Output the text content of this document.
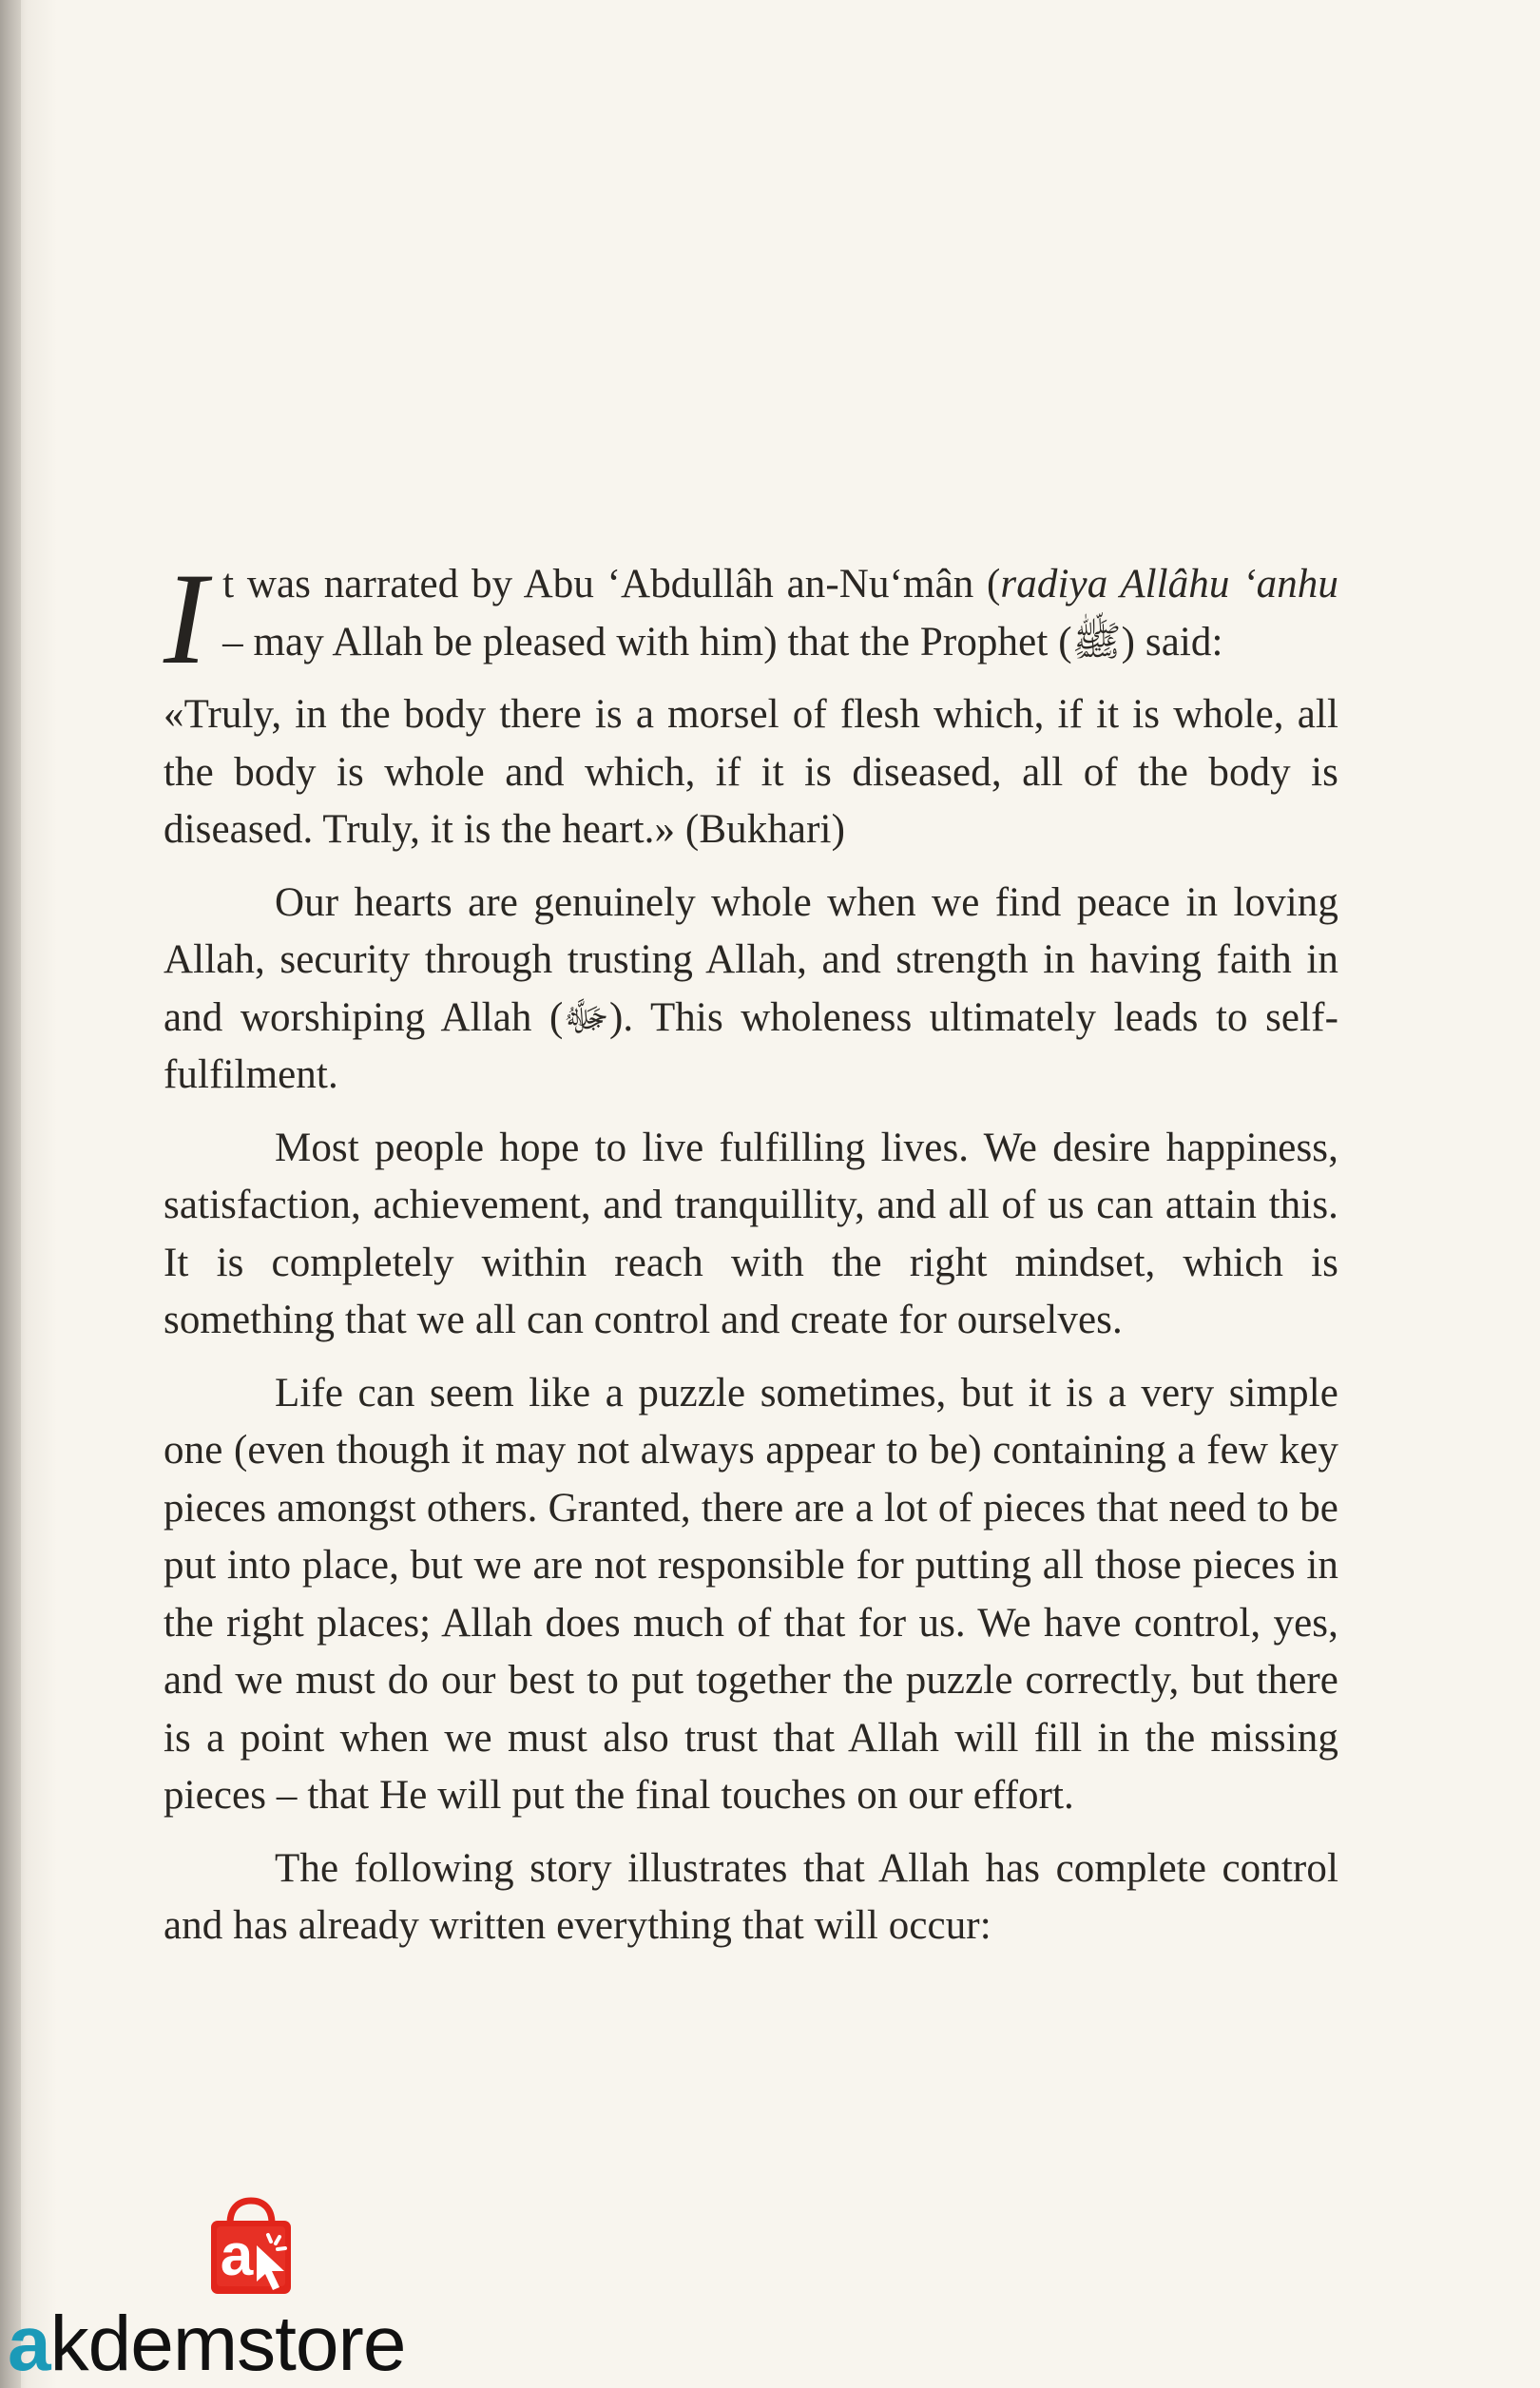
I t was narrated by Abu ‘Abdullâh an-Nu‘mân (radiya Allâhu ‘anhu – may Allah be pleased with him) that the Prophet (ﷺ) said:

«Truly, in the body there is a morsel of flesh which, if it is whole, all the body is whole and which, if it is diseased, all of the body is diseased. Truly, it is the heart.» (Bukhari)

Our hearts are genuinely whole when we find peace in loving Allah, security through trusting Allah, and strength in having faith in and worshiping Allah (ﷻ). This wholeness ultimately leads to self-fulfilment.

Most people hope to live fulfilling lives. We desire happiness, satisfaction, achievement, and tranquillity, and all of us can attain this. It is completely within reach with the right mindset, which is something that we all can control and create for ourselves.

Life can seem like a puzzle sometimes, but it is a very simple one (even though it may not always appear to be) containing a few key pieces amongst others. Granted, there are a lot of pieces that need to be put into place, but we are not responsible for putting all those pieces in the right places; Allah does much of that for us. We have control, yes, and we must do our best to put together the puzzle correctly, but there is a point when we must also trust that Allah will fill in the missing pieces – that He will put the final touches on our effort.

The following story illustrates that Allah has complete control and has already written everything that will occur:

a
akdemstore
